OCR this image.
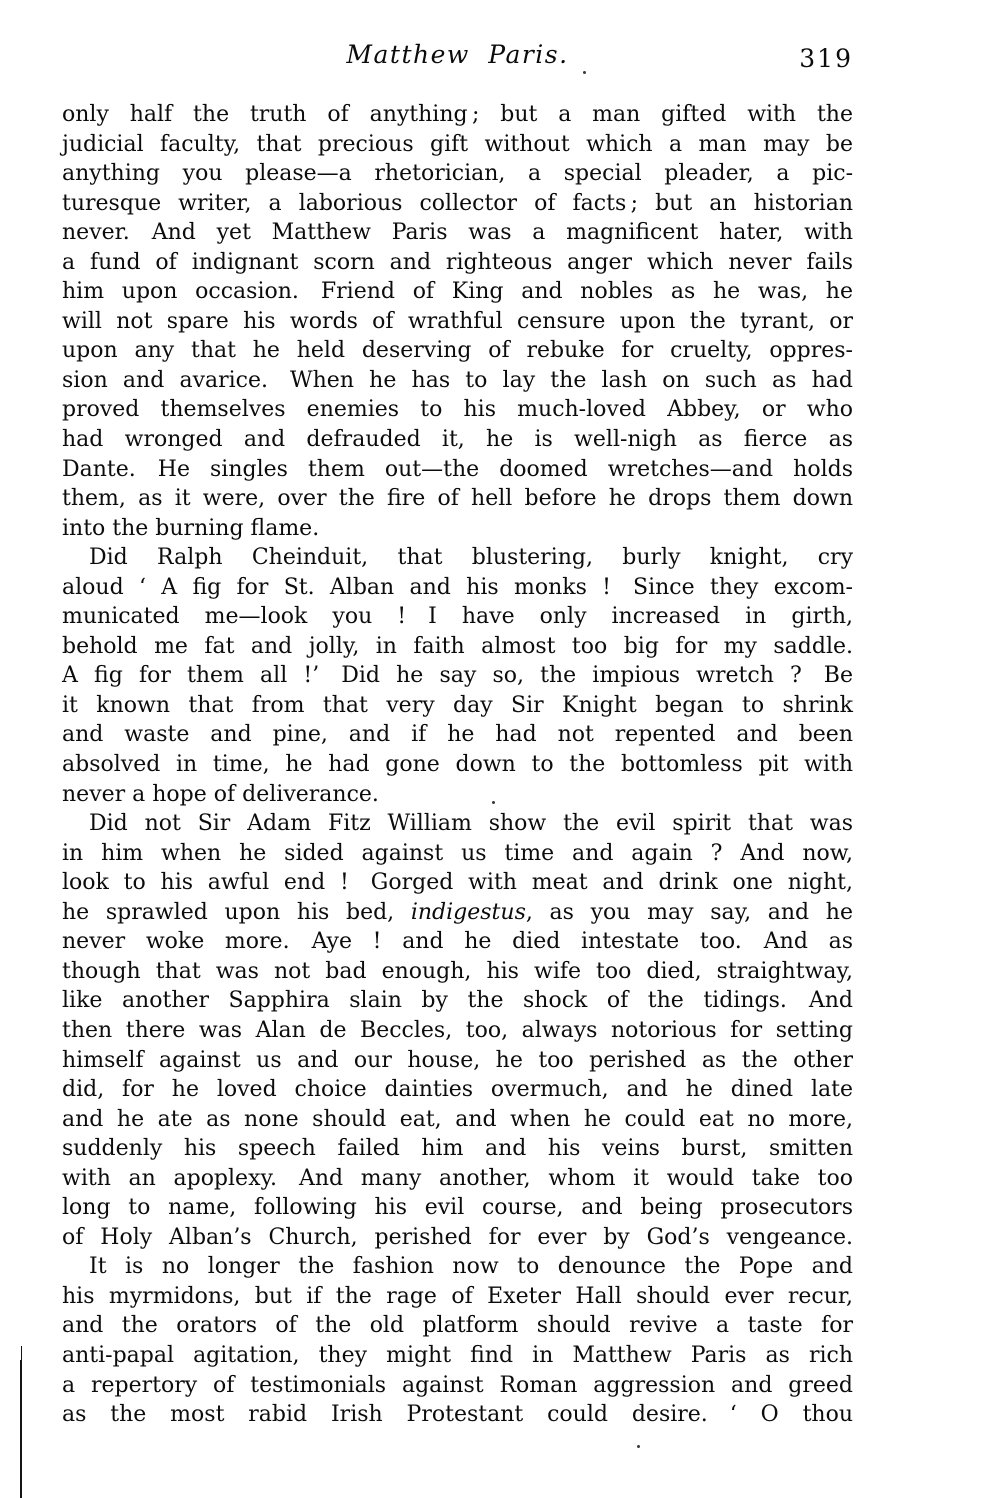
Matthew Paris.	319
only half the truth of anything ; but a man gifted with the
judicial faculty, that precious gift without which a man may be
anything you please—a rhetorician, a special pleader, a pic-
turesque writer, a laborious collector of facts ; but an historian
never. And yet Matthew Paris was a magnificent hater, with
a fund of indignant scorn and righteous anger which never fails
him upon occasion. Friend of King and nobles as he was, he
will not spare his words of wrathful censure upon the tyrant, or
upon any that he held deserving of rebuke for cruelty, oppres-
sion and avarice. When he has to lay the lash on such as had
proved themselves enemies to his much-loved Abbey, or who
had wronged and defrauded it, he is well-nigh as fierce as
Dante. He singles them out—the doomed wretches—and holds
them, as it were, over the fire of hell before he drops them down
into the burning flame.
Did Ralph Cheinduit, that blustering, burly knight, cry
aloud ‘ A fig for St. Alban and his monks ! Since they excom-
municated me—look you ! I have only increased in girth,
behold me fat and jolly, in faith almost too big for my saddle.
A fig for them all !’ Did he say so, the impious wretch ? Be
it known that from that very day Sir Knight began to shrink
and waste and pine, and if he had not repented and been
absolved in time, he had gone down to the bottomless pit with
never a hope of deliverance.
Did not Sir Adam Fitz William show the evil spirit that was
in him when he sided against us time and again ? And now,
look to his awful end ! Gorged with meat and drink one night,
he sprawled upon his bed, indigestus, as you may say, and he
never woke more. Aye ! and he died intestate too. And as
though that was not bad enough, his wife too died, straightway,
like another Sapphira slain by the shock of the tidings. And
then there was Alan de Beccles, too, always notorious for setting
himself against us and our house, he too perished as the other
did, for he loved choice dainties overmuch, and he dined late
and he ate as none should eat, and when he could eat no more,
suddenly his speech failed him and his veins burst, smitten
with an apoplexy. And many another, whom it would take too
long to name, following his evil course, and being prosecutors
of Holy Alban’s Church, perished for ever by God’s vengeance.
It is no longer the fashion now to denounce the Pope and
his myrmidons, but if the rage of Exeter Hall should ever recur,
and the orators of the old platform should revive a taste for
anti-papal agitation, they might find in Matthew Paris as rich
a repertory of testimonials against Roman aggression and greed
as the most rabid Irish Protestant could desire. ‘ O thou
